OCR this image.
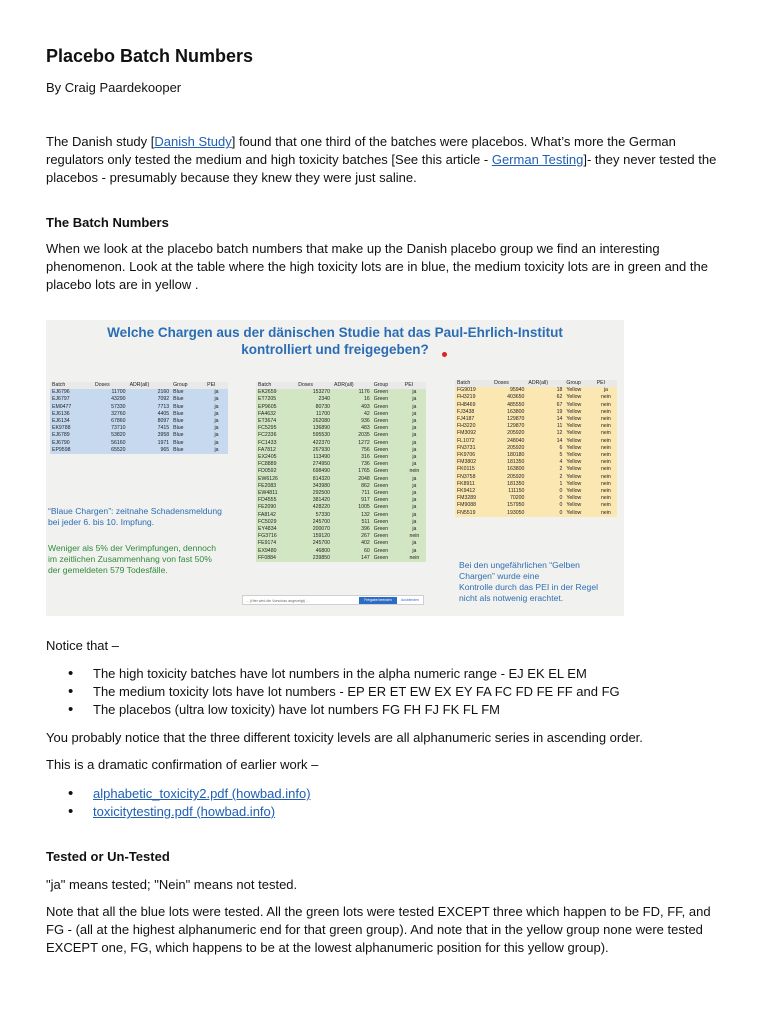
Placebo Batch Numbers
By Craig Paardekooper
The Danish study [Danish Study] found that one third of the batches were placebos. What’s more the German
regulators only tested the medium and high toxicity batches [See this article - German Testing]- they never tested the
placebos - presumably because they knew they were just saline.
The Batch Numbers
When we look at the placebo batch numbers that make up the Danish placebo group we find an interesting
phenomenon. Look at the table where the high toxicity lots are in blue, the medium toxicity lots are in green and the
placebo lots are in yellow .
Notice that –
• The high toxicity batches have lot numbers in the alpha numeric range - EJ EK EL EM
• The medium toxicity lots have lot numbers - EP ER ET EW EX EY FA FC FD FE FF and FG
• The placebos (ultra low toxicity) have lot numbers FG FH FJ FK FL FM
You probably notice that the three different toxicity levels are all alphanumeric series in ascending order.
This is a dramatic confirmation of earlier work –
• alphabetic_toxicity2.pdf (howbad.info)
• toxicitytesting.pdf (howbad.info)
Tested or Un-Tested
"ja" means tested; "Nein" means not tested.
Note that all the blue lots were tested. All the green lots were tested EXCEPT three which happen to be FD, FF, and
FG - (all at the highest alphanumeric end for that green group). And note that in the yellow group none were tested
EXCEPT one, FG, which happens to be at the lowest alphanumeric position for this yellow group).
Welche Chargen aus der dänischen Studie hat das Paul-Ehrlich-Institut
kontrolliert und freigegeben?
Batch	Doses	ADR(all)	Group	PEI
EJ6796	11700	2160	Blue	ja
EJ6797	43290	7092	Blue	ja
EM0477	57330	7713	Blue	ja
EJ6136	32760	4405	Blue	ja
EJ6134	67860	8097	Blue	ja
EK9788	73710	7415	Blue	ja
EJ6789	53820	3958	Blue	ja
EJ6790	56160	1971	Blue	ja
EP9598	65520	965	Blue	ja
Batch	Doses	ADR(all)	Group	PEI
EK2659	153270	1176	Green	ja
ET7205	2340	16	Green	ja
EP9605	80730	493	Green	ja
FA4632	11700	42	Green	ja
ET3674	262080	936	Green	ja
FC5295	136890	483	Green	ja
FC2336	595530	2035	Green	ja
FC1433	422370	1272	Green	ja
FA7812	267930	756	Green	ja
EX2405	113490	316	Green	ja
FC8889	274950	736	Green	ja
FD0592	698490	1765	Green	nein
EW6126	814320	2048	Green	ja
FE2083	343980	862	Green	ja
EW4811	292500	711	Green	ja
FD4555	381420	917	Green	ja
FE2090	428220	1005	Green	ja
FA8142	57330	132	Green	ja
FC5029	245700	511	Green	ja
EY4834	200070	396	Green	ja
FG3716	159120	267	Green	nein
FE9174	245700	402	Green	ja
EX9480	46800	60	Green	ja
FF0884	239850	147	Green	nein
Batch	Doses	ADR(all)	Group	PEI
FG9019	95940	18	Yellow	ja
FH3219	403650	62	Yellow	nein
FH8469	485550	67	Yellow	nein
FJ3438	163800	19	Yellow	nein
FJ4187	129870	14	Yellow	nein
FH3220	129870	11	Yellow	nein
FM3092	205920	12	Yellow	nein
FL1072	248040	14	Yellow	nein
FN3731	205920	6	Yellow	nein
FK9706	180180	5	Yellow	nein
FM3802	181350	4	Yellow	nein
FK0115	163800	2	Yellow	nein
FN3758	205920	2	Yellow	nein
FK8911	181350	1	Yellow	nein
FK9412	111150	0	Yellow	nein
FM3289	70200	0	Yellow	nein
FM9088	157950	0	Yellow	nein
FN5519	193050	0	Yellow	nein
“Blaue Chargen”: zeitnahe Schadensmeldung
bei jeder 6. bis 10. Impfung.
Weniger als 5% der Verimpfungen, dennoch
im zeitlichen Zusammenhang von fast 50%
der gemeldeten 579 Todesfälle.	Bei den ungefährlichen “Gelben
Chargen” wurde eine
Kontrolle durch das PEI in der Regel
nicht als notwenig erachtet.
... (Hier wird die Vorschau angezeigt) ...	Freigabe beenden	Ausblenden
